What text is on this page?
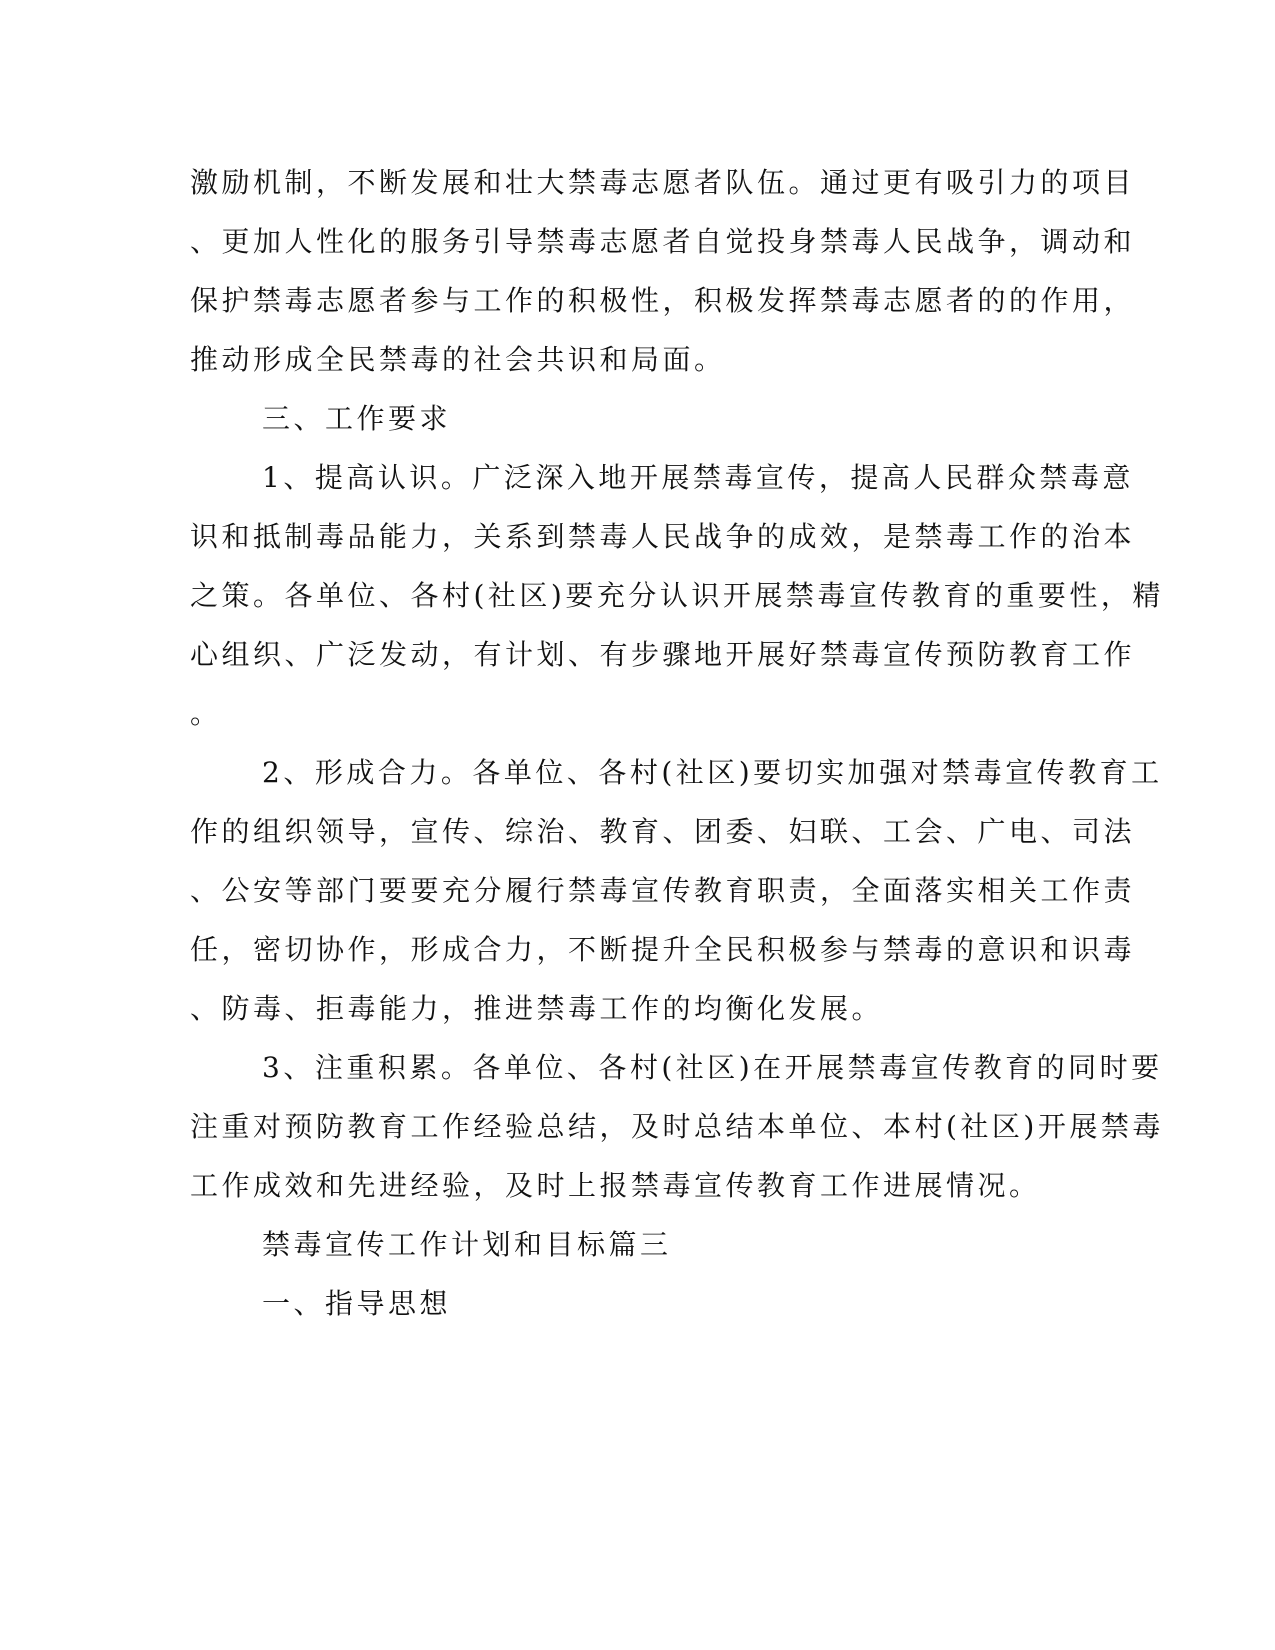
激励机制，不断发展和壮大禁毒志愿者队伍。通过更有吸引力的项目
、更加人性化的服务引导禁毒志愿者自觉投身禁毒人民战争，调动和
保护禁毒志愿者参与工作的积极性，积极发挥禁毒志愿者的的作用，
推动形成全民禁毒的社会共识和局面。
三、工作要求
1、提高认识。广泛深入地开展禁毒宣传，提高人民群众禁毒意
识和抵制毒品能力，关系到禁毒人民战争的成效，是禁毒工作的治本
之策。各单位、各村(社区)要充分认识开展禁毒宣传教育的重要性，精
心组织、广泛发动，有计划、有步骤地开展好禁毒宣传预防教育工作
。
2、形成合力。各单位、各村(社区)要切实加强对禁毒宣传教育工
作的组织领导，宣传、综治、教育、团委、妇联、工会、广电、司法
、公安等部门要要充分履行禁毒宣传教育职责，全面落实相关工作责
任，密切协作，形成合力，不断提升全民积极参与禁毒的意识和识毒
、防毒、拒毒能力，推进禁毒工作的均衡化发展。
3、注重积累。各单位、各村(社区)在开展禁毒宣传教育的同时要
注重对预防教育工作经验总结，及时总结本单位、本村(社区)开展禁毒
工作成效和先进经验，及时上报禁毒宣传教育工作进展情况。
禁毒宣传工作计划和目标篇三
一、指导思想
